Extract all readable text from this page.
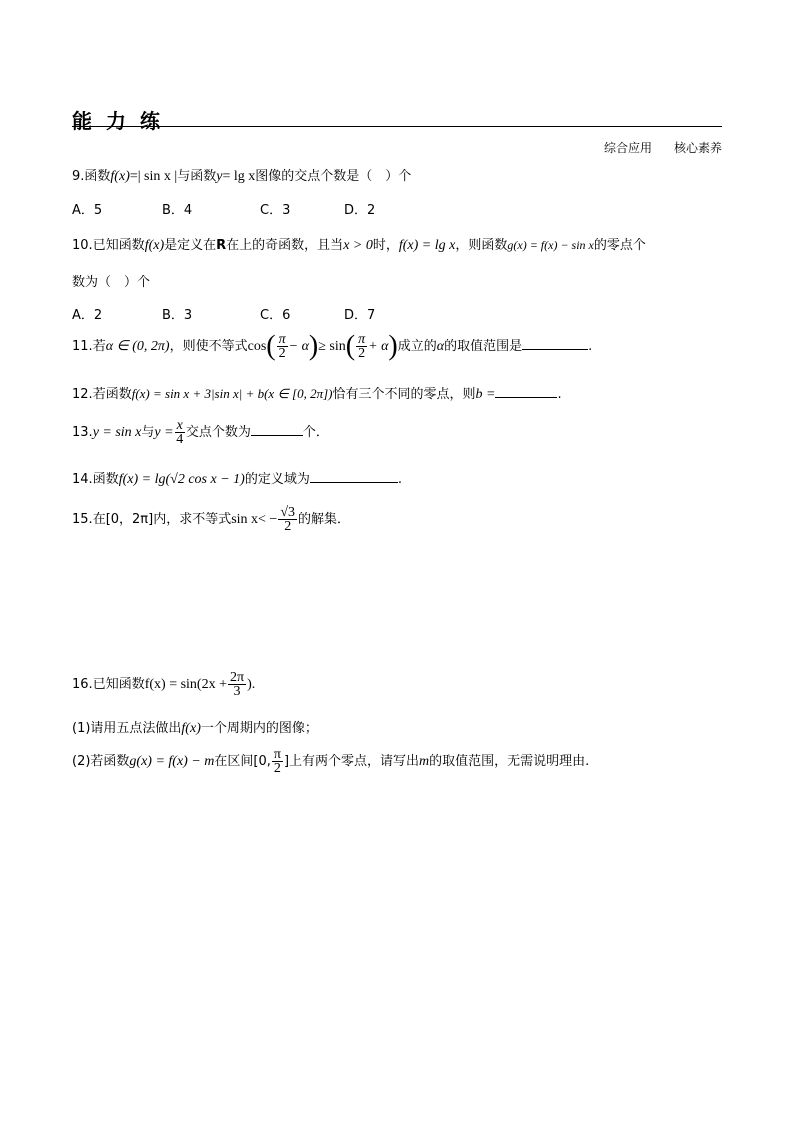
能力练
综合应用 核心素养
9.函数f(x)=| sin x |与函数y= lg x图像的交点个数是（　）个
A．5	B．4	C．3	D．2
10.已知函数f(x)是定义在R在上的奇函数，且当x > 0时，f(x) = lg x，则函数g(x) = f(x) − sin x的零点个
数为（　）个
A．2	B．3	C．6	D．7
11.若α ∈ (0, 2π)，则使不等式$\cos( \frac{\pi}{2} - \alpha)\ge \sin( \frac{\pi}{2} + \alpha)$成立的α的取值范围是	.
12.若函数f(x) = sin x + 3|sin x| + b(x ∈ [0, 2π])恰有三个不同的零点，则b =	.
13.y = sin x与$y = \frac{x}{4}$ 交点个数为	个．
14.函数f(x) = lg(√2 cos x − 1)的定义域为	.
15.在[0，2π]内，求不等式$\sin x< - \frac{√3}{2}$ 的解集．
16.已知函数$f(x) = \sin(2x + \frac{2\pi}{3}$ ).
(1)请用五点法做出f(x)一个周期内的图像；
(2)若函数g(x) = f(x) − m在区间[0, $\frac{\pi}{2}$ ]上有两个零点，请写出m的取值范围，无需说明理由.
